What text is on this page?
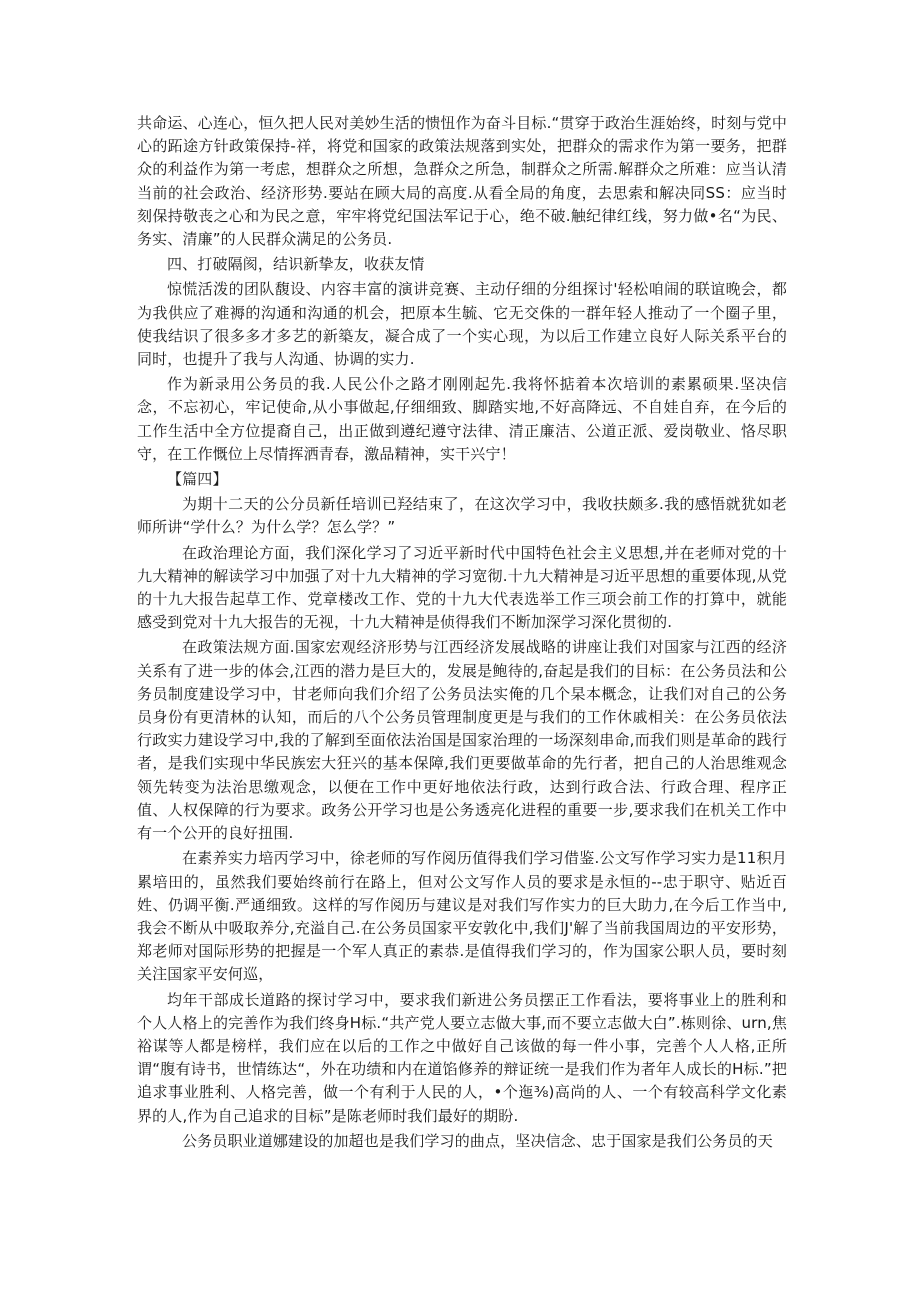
共命运、心连心，恒久把人民对美妙生活的愦忸作为奋斗目标.“贯穿于政治生涯始终，时刻与党中心的跖途方针政策保持-祥，将党和国家的政策法规落到实处，把群众的需求作为第一要务，把群众的利益作为第一考虑，想群众之所想，急群众之所急，制群众之所需.解群众之所难：应当认清当前的社会政治、经济形势.要站在顾大局的高度.从看全局的角度，去思索和解决同SS：应当时刻保持敬丧之心和为民之意，牢牢将党纪国法军记于心，绝不破.触纪律红线，努力做•名“为民、务实、清廉”的人民群众满足的公务员.

四、打破隔阂，结识新挚友，收获友情

惊慌活泼的团队馥设、内容丰富的演讲竞赛、主动仔细的分组探讨'轻松咱闹的联谊晚会，都为我供应了难褥的沟通和沟通的机会，把原本生毓、它无交侏的一群年轻人推动了一个圈子里，使我结识了很多多才多艺的新築友，凝合成了一个实心现，为以后工作建立良好人际关系平台的同时，也提升了我与人沟通、协调的实力.

作为新录用公务员的我.人民公仆之路才刚刚起先.我将怀掂着本次培训的素累硕果.坚决信念，不忘初心，牢记使命,从小事做起,仔细细致、脚踏实地,不好高降远、不自娃自弃，在今后的工作生活中全方位提裔自己，出正做到遵纪遵守法律、清正廉洁、公道正派、爱岗敬业、恪尽职守，在工作慨位上尽情挥洒青春，激品精神，实干兴宁！

【篇四】

为期十二天的公分员新任培训已羟结束了，在这次学习中，我收扶颇多.我的感悟就犹如老师所讲“学什么？为什么学？怎么学？”

在政治理论方面，我们深化学习了习近平新时代中国特色社会主义思想,并在老师对党的十九大精神的解读学习中加强了对十九大精神的学习宽彻.十九大精神是习近平思想的重要体现,从党的十九大报告起草工作、党章楼改工作、党的十九大代表选举工作三项会前工作的打算中，就能感受到党对十九大报告的无视，十九大精神是侦得我们不断加深学习深化贯彻的.

在政策法规方面.国家宏观经济形势与江西经济发展战略的讲座让我们对国家与江西的经济关系有了进一步的体会,江西的潜力是巨大的，发展是鲍待的,奋起是我们的目标：在公务员法和公务员制度建设学习中，甘老师向我们介绍了公务员法实俺的几个杲本概念，让我们对自己的公务员身份有更清林的认知，而后的八个公务员管理制度更是与我们的工作休戚相关：在公务员依法行政实力建设学习中,我的了解到至面依法治国是国家治理的一场深刻串命,而我们则是革命的践行者，是我们实现中华民族宏大狂兴的基本保障,我们更要做革命的先行者，把自己的人治思维观念领先转变为法治思缴观念，以便在工作中更好地依法行政，达到行政合法、行政合理、程序正值、人权保障的行为要求。政务公开学习也是公务透亮化进程的重要一步,要求我们在机关工作中有一个公开的良好扭围.

在素养实力培丙学习中，徐老师的写作阅历值得我们学习借鉴.公文写作学习实力是11积月累培田的，虽然我们要始终前行在路上，但对公文写作人员的要求是永恒的--忠于职守、贴近百姓、仍调平衡.严通细致。这样的写作阅历与建议是对我们写作实力的巨大助力,在今后工作当中,我会不断从中吸取养分,充溢自己.在公务员国家平安敦化中,我们J'解了当前我国周边的平安形势，郑老师对国际形势的把握是一个军人真正的素恭.是值得我们学习的，作为国家公职人员，要时刻关注国家平安何巡，

均年干部成长道路的探讨学习中，要求我们新进公务员摆正工作看法，要将事业上的胜利和个人人格上的完善作为我们终身H标.“共产党人要立志做大事,而不要立志做大白”.栋则徐、urn,焦裕谋等人都是榜样，我们应在以后的工作之中做好自己该做的每一件小事，完善个人人格,正所谓“腹有诗书，世情练达“，外在功绩和内在道馅修养的辩证统一是我们作为者年人成长的H标.”把追求事业胜利、人格完善，做一个有利于人民的人，•个迤⅜)高尚的人、一个有较高科学文化素界的人,作为自己追求的目标”是陈老师时我们最好的期盼.

公务员职业道娜建设的加超也是我们学习的曲点，坚决信念、忠于国家是我们公务员的天
